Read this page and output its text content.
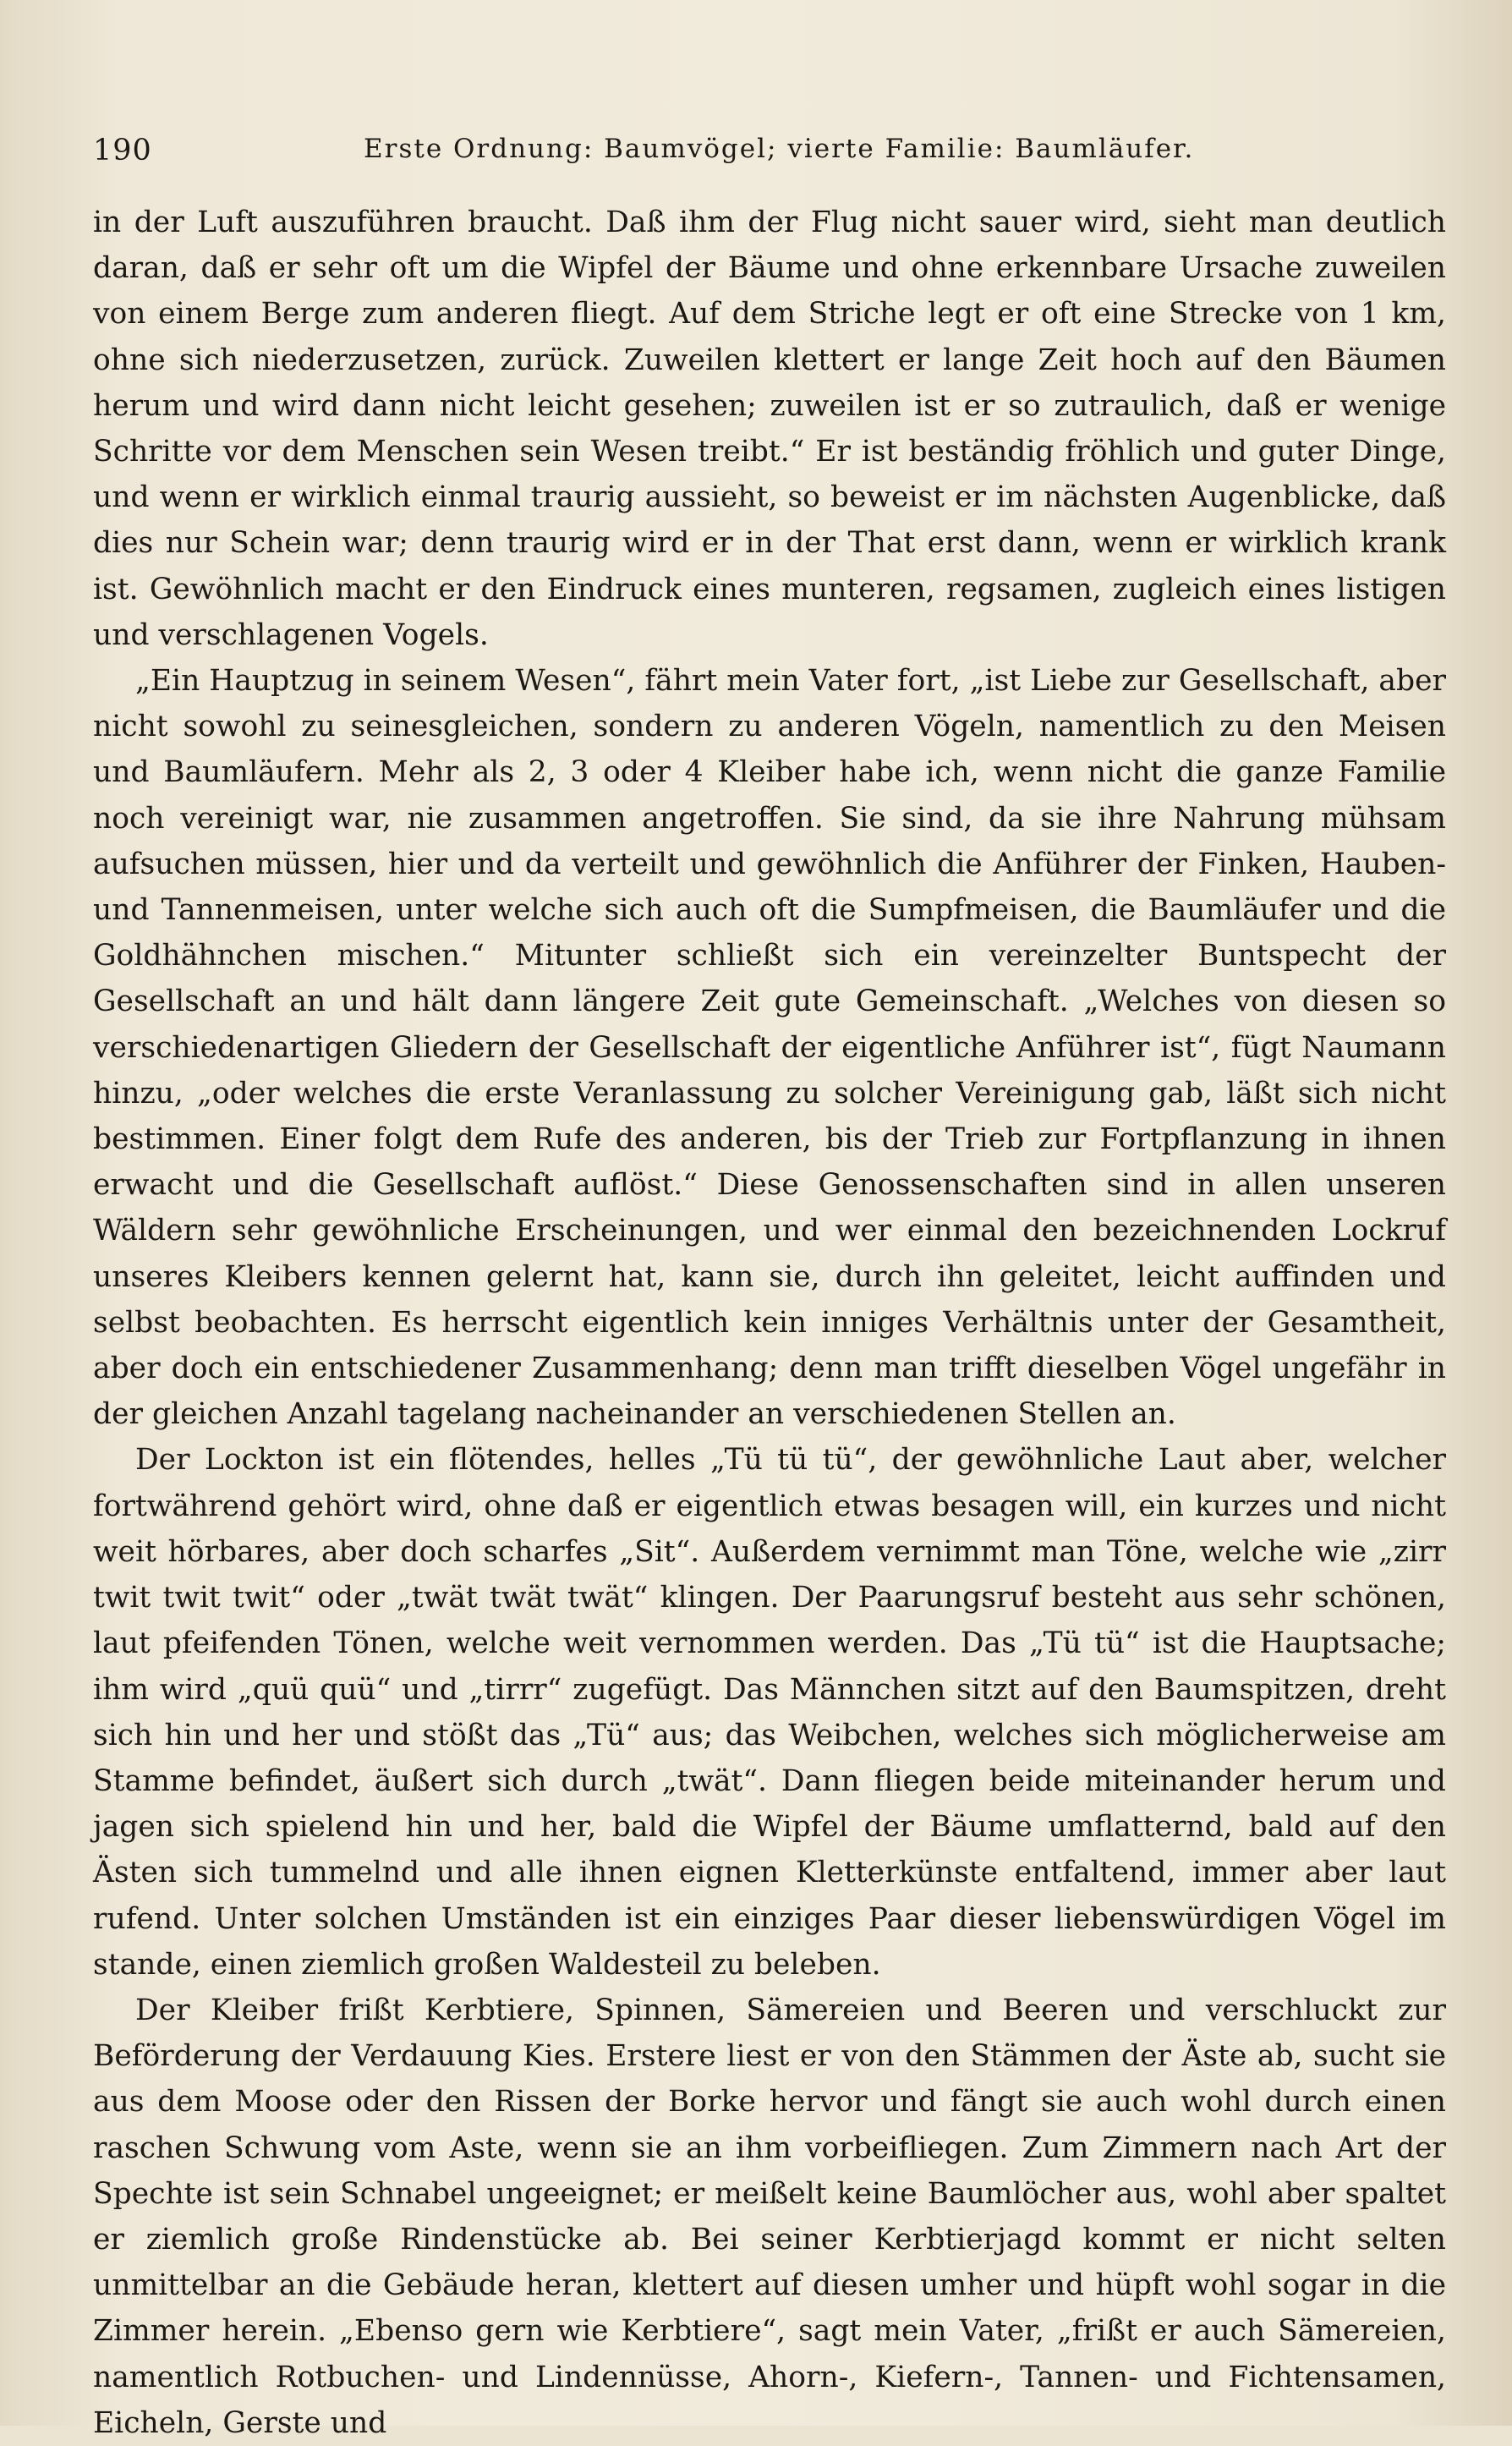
190	Erste Ordnung: Baumvögel; vierte Familie: Baumläufer.

in der Luft auszuführen braucht. Daß ihm der Flug nicht sauer wird, sieht man deutlich daran, daß er sehr oft um die Wipfel der Bäume und ohne erkennbare Ursache zuweilen von einem Berge zum anderen fliegt. Auf dem Striche legt er oft eine Strecke von 1 km, ohne sich niederzusetzen, zurück. Zuweilen klettert er lange Zeit hoch auf den Bäumen herum und wird dann nicht leicht gesehen; zuweilen ist er so zutraulich, daß er wenige Schritte vor dem Menschen sein Wesen treibt.“ Er ist beständig fröhlich und guter Dinge, und wenn er wirklich einmal traurig aussieht, so beweist er im nächsten Augenblicke, daß dies nur Schein war; denn traurig wird er in der That erst dann, wenn er wirklich krank ist. Gewöhnlich macht er den Eindruck eines munteren, regsamen, zugleich eines listigen und verschlagenen Vogels.

„Ein Hauptzug in seinem Wesen“, fährt mein Vater fort, „ist Liebe zur Gesellschaft, aber nicht sowohl zu seinesgleichen, sondern zu anderen Vögeln, namentlich zu den Meisen und Baumläufern. Mehr als 2, 3 oder 4 Kleiber habe ich, wenn nicht die ganze Familie noch vereinigt war, nie zusammen angetroffen. Sie sind, da sie ihre Nahrung mühsam aufsuchen müssen, hier und da verteilt und gewöhnlich die Anführer der Finken, Hauben- und Tannenmeisen, unter welche sich auch oft die Sumpfmeisen, die Baumläufer und die Goldhähnchen mischen.“ Mitunter schließt sich ein vereinzelter Buntspecht der Gesellschaft an und hält dann längere Zeit gute Gemeinschaft. „Welches von diesen so verschiedenartigen Gliedern der Gesellschaft der eigentliche Anführer ist“, fügt Naumann hinzu, „oder welches die erste Veranlassung zu solcher Vereinigung gab, läßt sich nicht bestimmen. Einer folgt dem Rufe des anderen, bis der Trieb zur Fortpflanzung in ihnen erwacht und die Gesellschaft auflöst.“ Diese Genossenschaften sind in allen unseren Wäldern sehr gewöhnliche Erscheinungen, und wer einmal den bezeichnenden Lockruf unseres Kleibers kennen gelernt hat, kann sie, durch ihn geleitet, leicht auffinden und selbst beobachten. Es herrscht eigentlich kein inniges Verhältnis unter der Gesamtheit, aber doch ein entschiedener Zusammenhang; denn man trifft dieselben Vögel ungefähr in der gleichen Anzahl tagelang nacheinander an verschiedenen Stellen an.

Der Lockton ist ein flötendes, helles „Tü tü tü“, der gewöhnliche Laut aber, welcher fortwährend gehört wird, ohne daß er eigentlich etwas besagen will, ein kurzes und nicht weit hörbares, aber doch scharfes „Sit“. Außerdem vernimmt man Töne, welche wie „zirr twit twit twit“ oder „twät twät twät“ klingen. Der Paarungsruf besteht aus sehr schönen, laut pfeifenden Tönen, welche weit vernommen werden. Das „Tü tü“ ist die Hauptsache; ihm wird „quü quü“ und „tirrr“ zugefügt. Das Männchen sitzt auf den Baumspitzen, dreht sich hin und her und stößt das „Tü“ aus; das Weibchen, welches sich möglicherweise am Stamme befindet, äußert sich durch „twät“. Dann fliegen beide miteinander herum und jagen sich spielend hin und her, bald die Wipfel der Bäume umflatternd, bald auf den Ästen sich tummelnd und alle ihnen eignen Kletterkünste entfaltend, immer aber laut rufend. Unter solchen Umständen ist ein einziges Paar dieser liebenswürdigen Vögel im stande, einen ziemlich großen Waldesteil zu beleben.

Der Kleiber frißt Kerbtiere, Spinnen, Sämereien und Beeren und verschluckt zur Beförderung der Verdauung Kies. Erstere liest er von den Stämmen der Äste ab, sucht sie aus dem Moose oder den Rissen der Borke hervor und fängt sie auch wohl durch einen raschen Schwung vom Aste, wenn sie an ihm vorbeifliegen. Zum Zimmern nach Art der Spechte ist sein Schnabel ungeeignet; er meißelt keine Baumlöcher aus, wohl aber spaltet er ziemlich große Rindenstücke ab. Bei seiner Kerbtierjagd kommt er nicht selten unmittelbar an die Gebäude heran, klettert auf diesen umher und hüpft wohl sogar in die Zimmer herein. „Ebenso gern wie Kerbtiere“, sagt mein Vater, „frißt er auch Sämereien, namentlich Rotbuchen- und Lindennüsse, Ahorn-, Kiefern-, Tannen- und Fichtensamen, Eicheln, Gerste und
